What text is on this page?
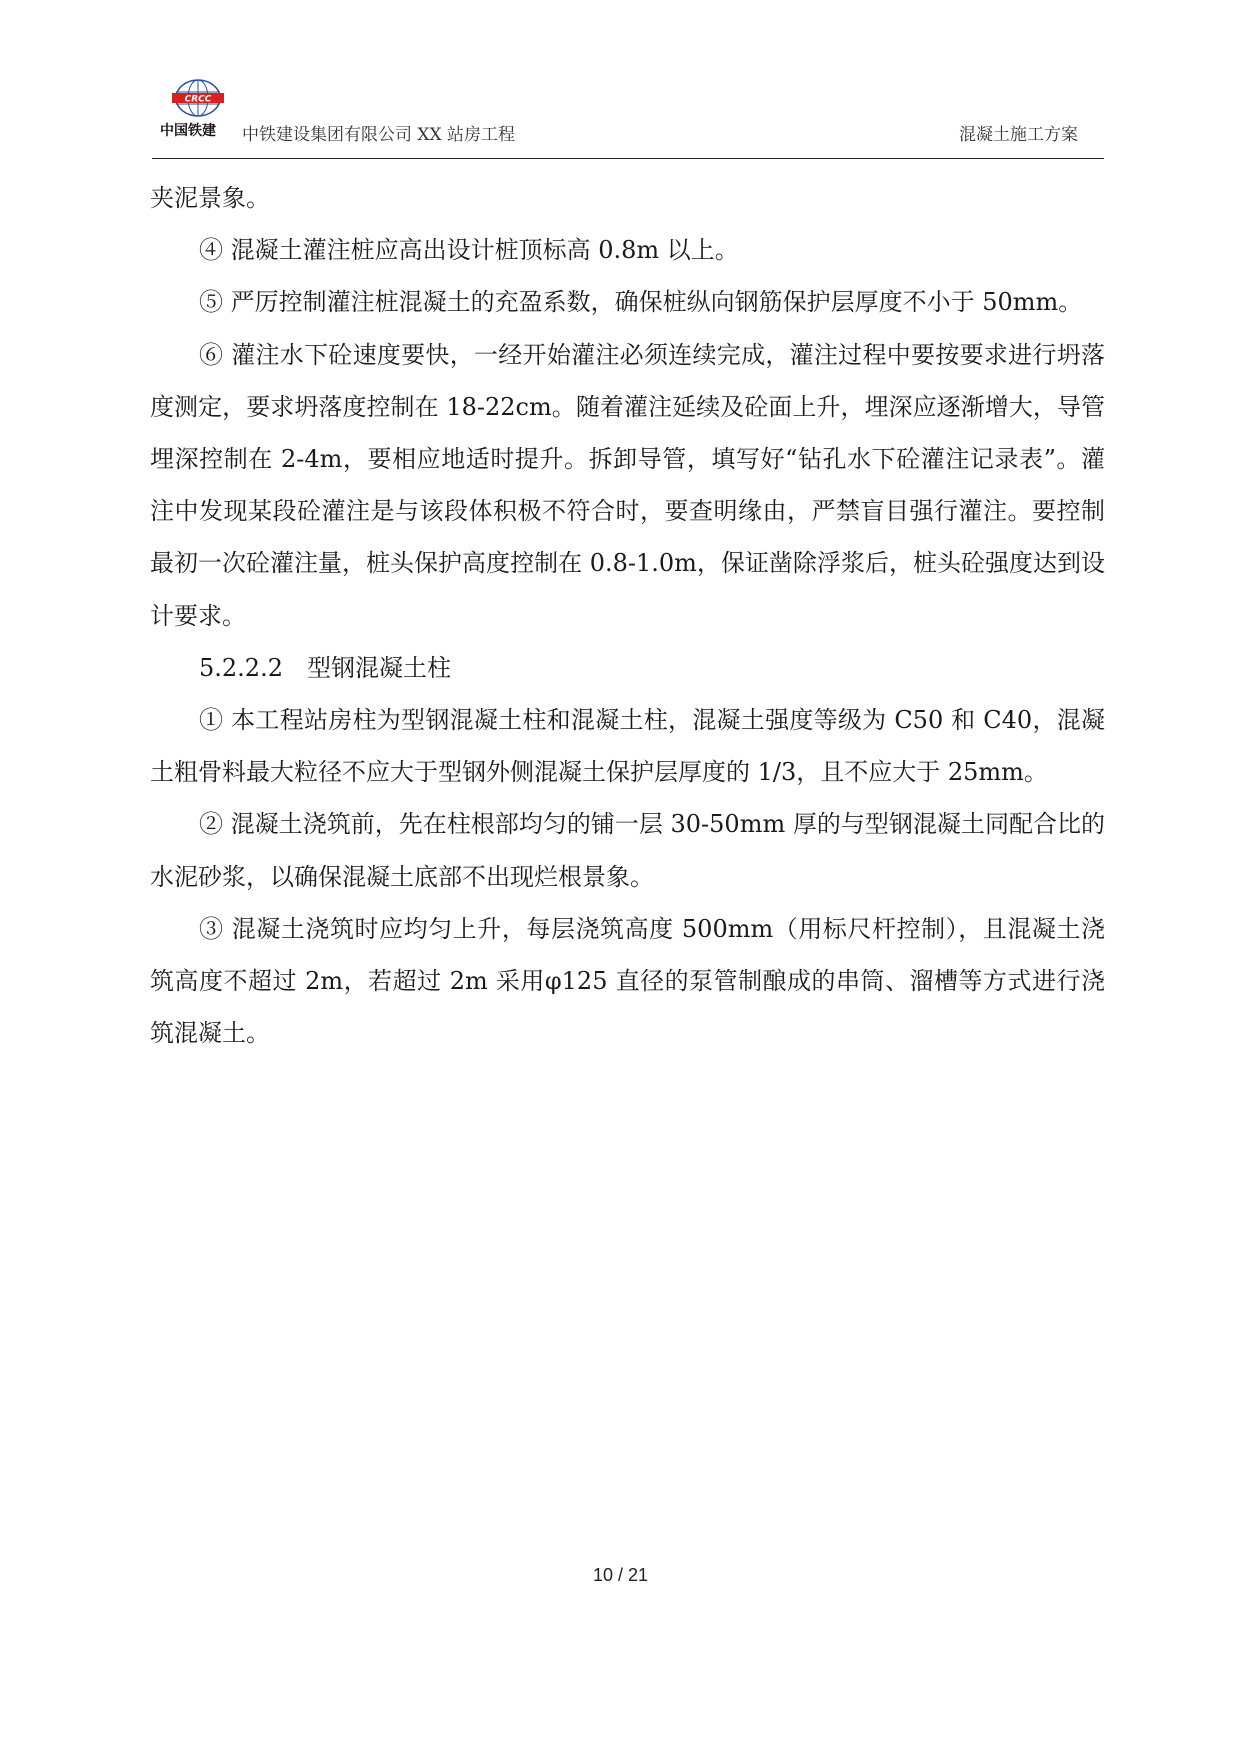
CRCC
中国铁建 中铁建设集团有限公司 XX 站房工程	混凝土施工方案

夹泥景象。

④ 混凝土灌注桩应高出设计桩顶标高 0.8m 以上。

⑤ 严厉控制灌注桩混凝土的充盈系数，确保桩纵向钢筋保护层厚度不小于 50mm。

⑥ 灌注水下砼速度要快，一经开始灌注必须连续完成，灌注过程中要按要求进行坍落度测定，要求坍落度控制在 18-22cm。随着灌注延续及砼面上升，埋深应逐渐增大，导管埋深控制在 2-4m，要相应地适时提升。拆卸导管，填写好“钻孔水下砼灌注记录表”。灌注中发现某段砼灌注是与该段体积极不符合时，要查明缘由，严禁盲目强行灌注。要控制最初一次砼灌注量，桩头保护高度控制在 0.8-1.0m，保证凿除浮浆后，桩头砼强度达到设计要求。

5.2.2.2　型钢混凝土柱

① 本工程站房柱为型钢混凝土柱和混凝土柱，混凝土强度等级为 C50 和 C40，混凝土粗骨料最大粒径不应大于型钢外侧混凝土保护层厚度的 1/3，且不应大于 25mm。

② 混凝土浇筑前，先在柱根部均匀的铺一层 30-50mm 厚的与型钢混凝土同配合比的水泥砂浆，以确保混凝土底部不出现烂根景象。

③ 混凝土浇筑时应均匀上升，每层浇筑高度 500mm（用标尺杆控制），且混凝土浇筑高度不超过 2m，若超过 2m 采用φ125 直径的泵管制酿成的串筒、溜槽等方式进行浇筑混凝土。

10 / 21
